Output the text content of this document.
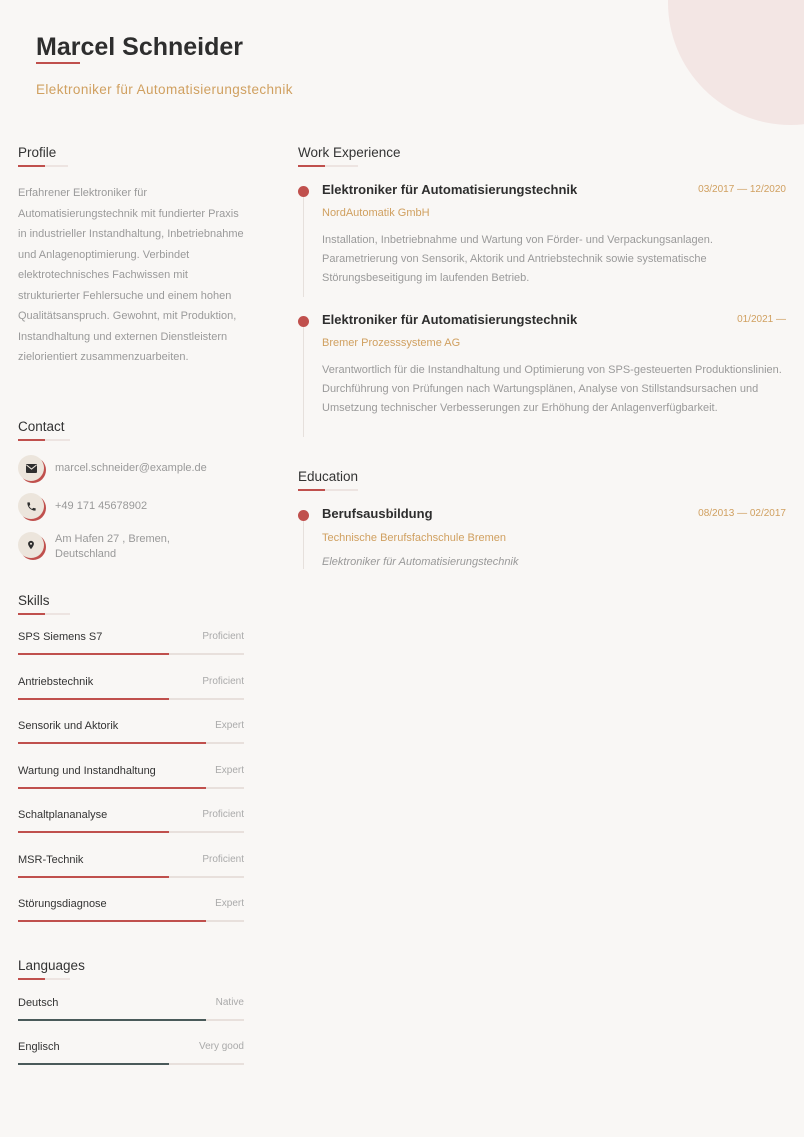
Marcel Schneider
Elektroniker für Automatisierungstechnik
Profile

Erfahrener Elektroniker für Automatisierungstechnik mit fundierter Praxis in industrieller Instandhaltung, Inbetriebnahme und Anlagenoptimierung. Verbindet elektrotechnisches Fachwissen mit strukturierter Fehlersuche und einem hohen Qualitätsanspruch. Gewohnt, mit Produktion, Instandhaltung und externen Dienstleistern zielorientiert zusammenzuarbeiten.

Contact
marcel.schneider@example.de
+49 171 45678902
Am Hafen 27 , Bremen, Deutschland
Skills
SPS Siemens S7	Proficient
Antriebstechnik	Proficient
Sensorik und Aktorik	Expert
Wartung und Instandhaltung	Expert
Schaltplananalyse	Proficient
MSR-Technik	Proficient
Störungsdiagnose	Expert
Languages
Deutsch	Native
Englisch	Very good
Work Experience
Elektroniker für Automatisierungstechnik	03/2017 — 12/2020
NordAutomatik GmbH

Installation, Inbetriebnahme und Wartung von Förder- und Verpackungsanlagen. Parametrierung von Sensorik, Aktorik und Antriebstechnik sowie systematische Störungsbeseitigung im laufenden Betrieb.

Elektroniker für Automatisierungstechnik	01/2021 —
Bremer Prozesssysteme AG

Verantwortlich für die Instandhaltung und Optimierung von SPS-gesteuerten Produktionslinien. Durchführung von Prüfungen nach Wartungsplänen, Analyse von Stillstandsursachen und Umsetzung technischer Verbesserungen zur Erhöhung der Anlagenverfügbarkeit.

Education
Berufsausbildung	08/2013 — 02/2017
Technische Berufsfachschule Bremen
Elektroniker für Automatisierungstechnik
